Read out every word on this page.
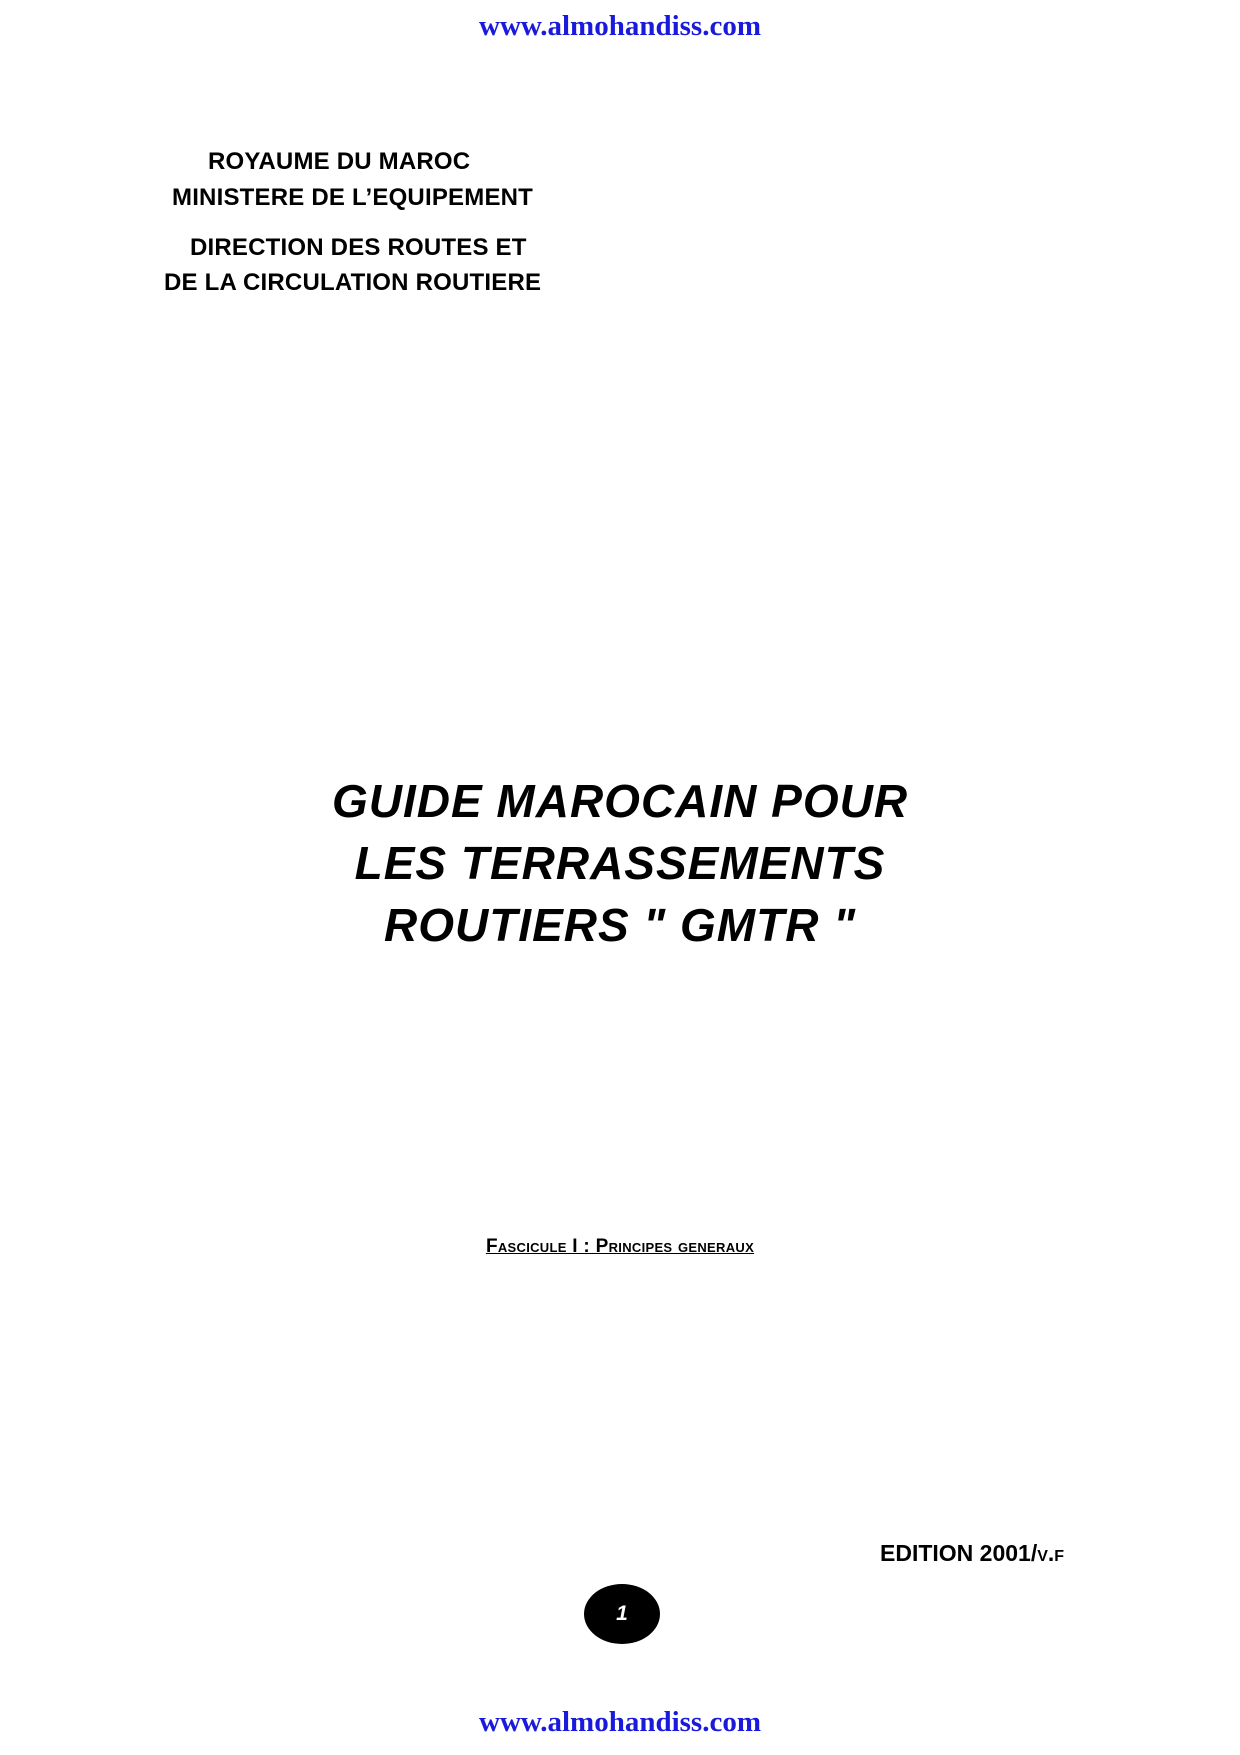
www.almohandiss.com
ROYAUME DU MAROC
MINISTERE DE L’EQUIPEMENT
DIRECTION DES ROUTES ET
DE LA CIRCULATION ROUTIERE
GUIDE MAROCAIN POUR
LES TERRASSEMENTS
ROUTIERS " GMTR "
Fascicule I : Principes generaux
EDITION 2001/v.f
1
www.almohandiss.com
